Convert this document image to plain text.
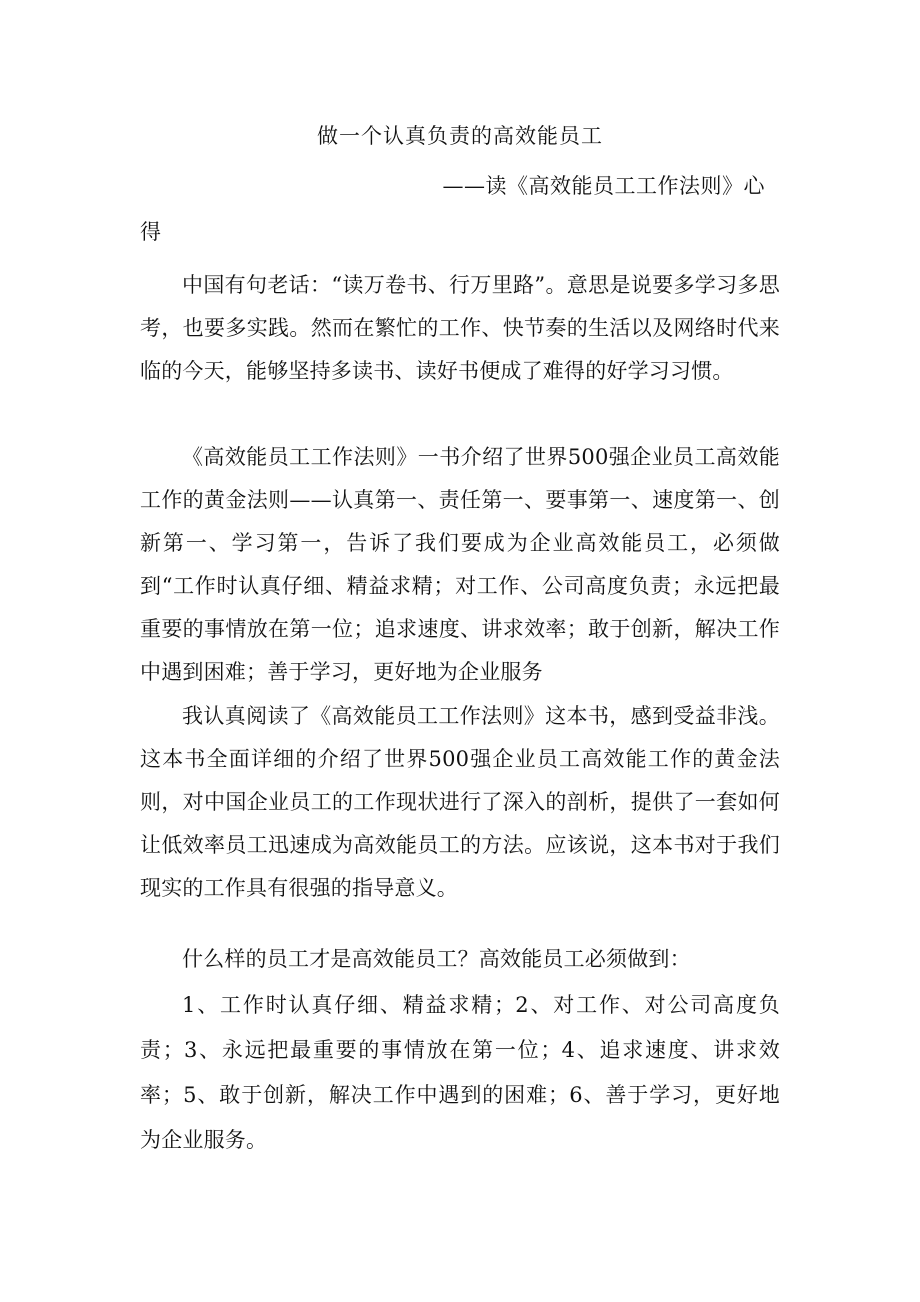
做一个认真负责的高效能员工
——读《高效能员工工作法则》心
得

中国有句老话：“读万卷书、行万里路”。意思是说要多学习多思考，也要多实践。然而在繁忙的工作、快节奏的生活以及网络时代来临的今天，能够坚持多读书、读好书便成了难得的好学习习惯。

《高效能员工工作法则》一书介绍了世界500强企业员工高效能工作的黄金法则——认真第一、责任第一、要事第一、速度第一、创新第一、学习第一，告诉了我们要成为企业高效能员工，必须做到“工作时认真仔细、精益求精；对工作、公司高度负责；永远把最重要的事情放在第一位；追求速度、讲求效率；敢于创新，解决工作中遇到困难；善于学习，更好地为企业服务

我认真阅读了《高效能员工工作法则》这本书，感到受益非浅。这本书全面详细的介绍了世界500强企业员工高效能工作的黄金法则，对中国企业员工的工作现状进行了深入的剖析，提供了一套如何让低效率员工迅速成为高效能员工的方法。应该说，这本书对于我们现实的工作具有很强的指导意义。

什么样的员工才是高效能员工？高效能员工必须做到：

1、工作时认真仔细、精益求精；2、对工作、对公司高度负责；3、永远把最重要的事情放在第一位；4、追求速度、讲求效率；5、敢于创新，解决工作中遇到的困难；6、善于学习，更好地为企业服务。
